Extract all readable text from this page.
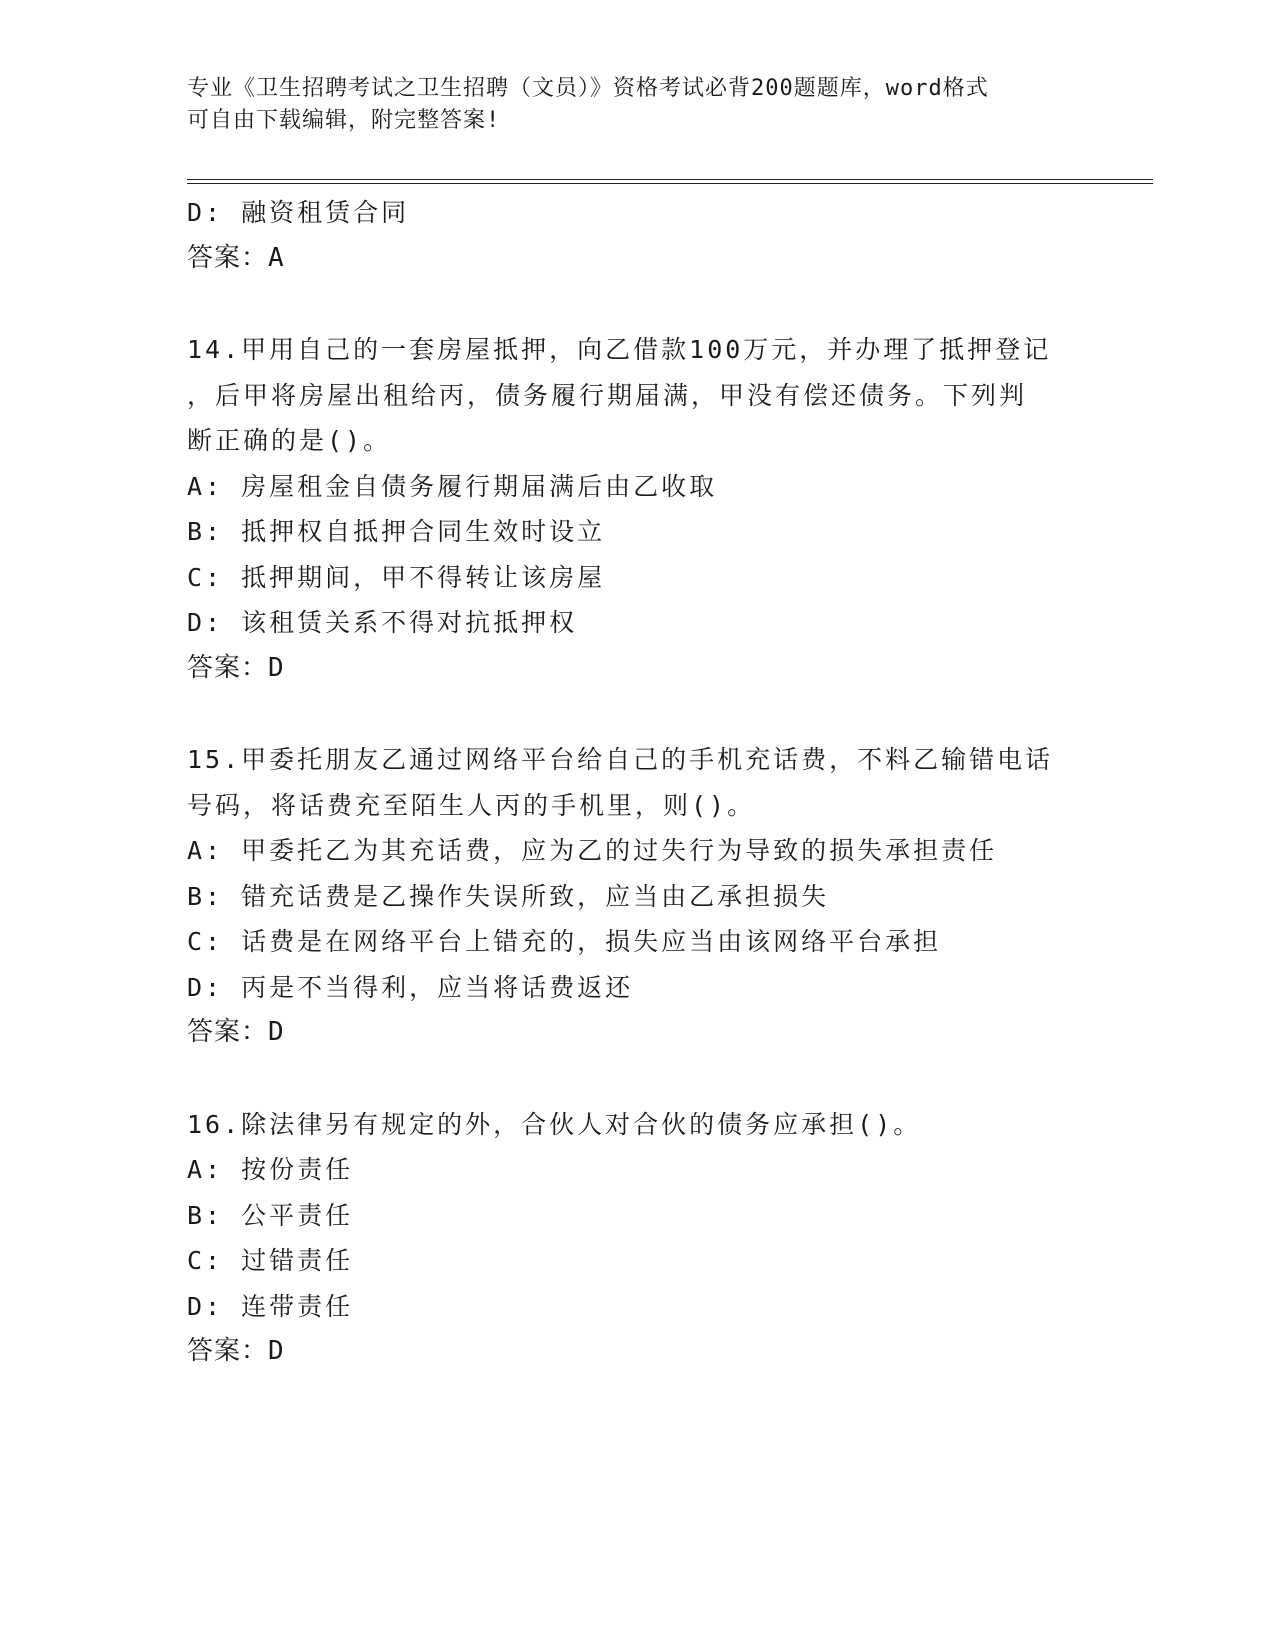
专业《卫生招聘考试之卫生招聘（文员）》资格考试必背200题题库，word格式
可自由下载编辑，附完整答案!
D: 融资租赁合同
答案：A
14.甲用自己的一套房屋抵押，向乙借款100万元，并办理了抵押登记
，后甲将房屋出租给丙，债务履行期届满，甲没有偿还债务。下列判
断正确的是()。
A: 房屋租金自债务履行期届满后由乙收取
B: 抵押权自抵押合同生效时设立
C: 抵押期间，甲不得转让该房屋
D: 该租赁关系不得对抗抵押权
答案：D
15.甲委托朋友乙通过网络平台给自己的手机充话费，不料乙输错电话
号码，将话费充至陌生人丙的手机里，则()。
A: 甲委托乙为其充话费，应为乙的过失行为导致的损失承担责任
B: 错充话费是乙操作失误所致，应当由乙承担损失
C: 话费是在网络平台上错充的，损失应当由该网络平台承担
D: 丙是不当得利，应当将话费返还
答案：D
16.除法律另有规定的外，合伙人对合伙的债务应承担()。
A: 按份责任
B: 公平责任
C: 过错责任
D: 连带责任
答案：D
